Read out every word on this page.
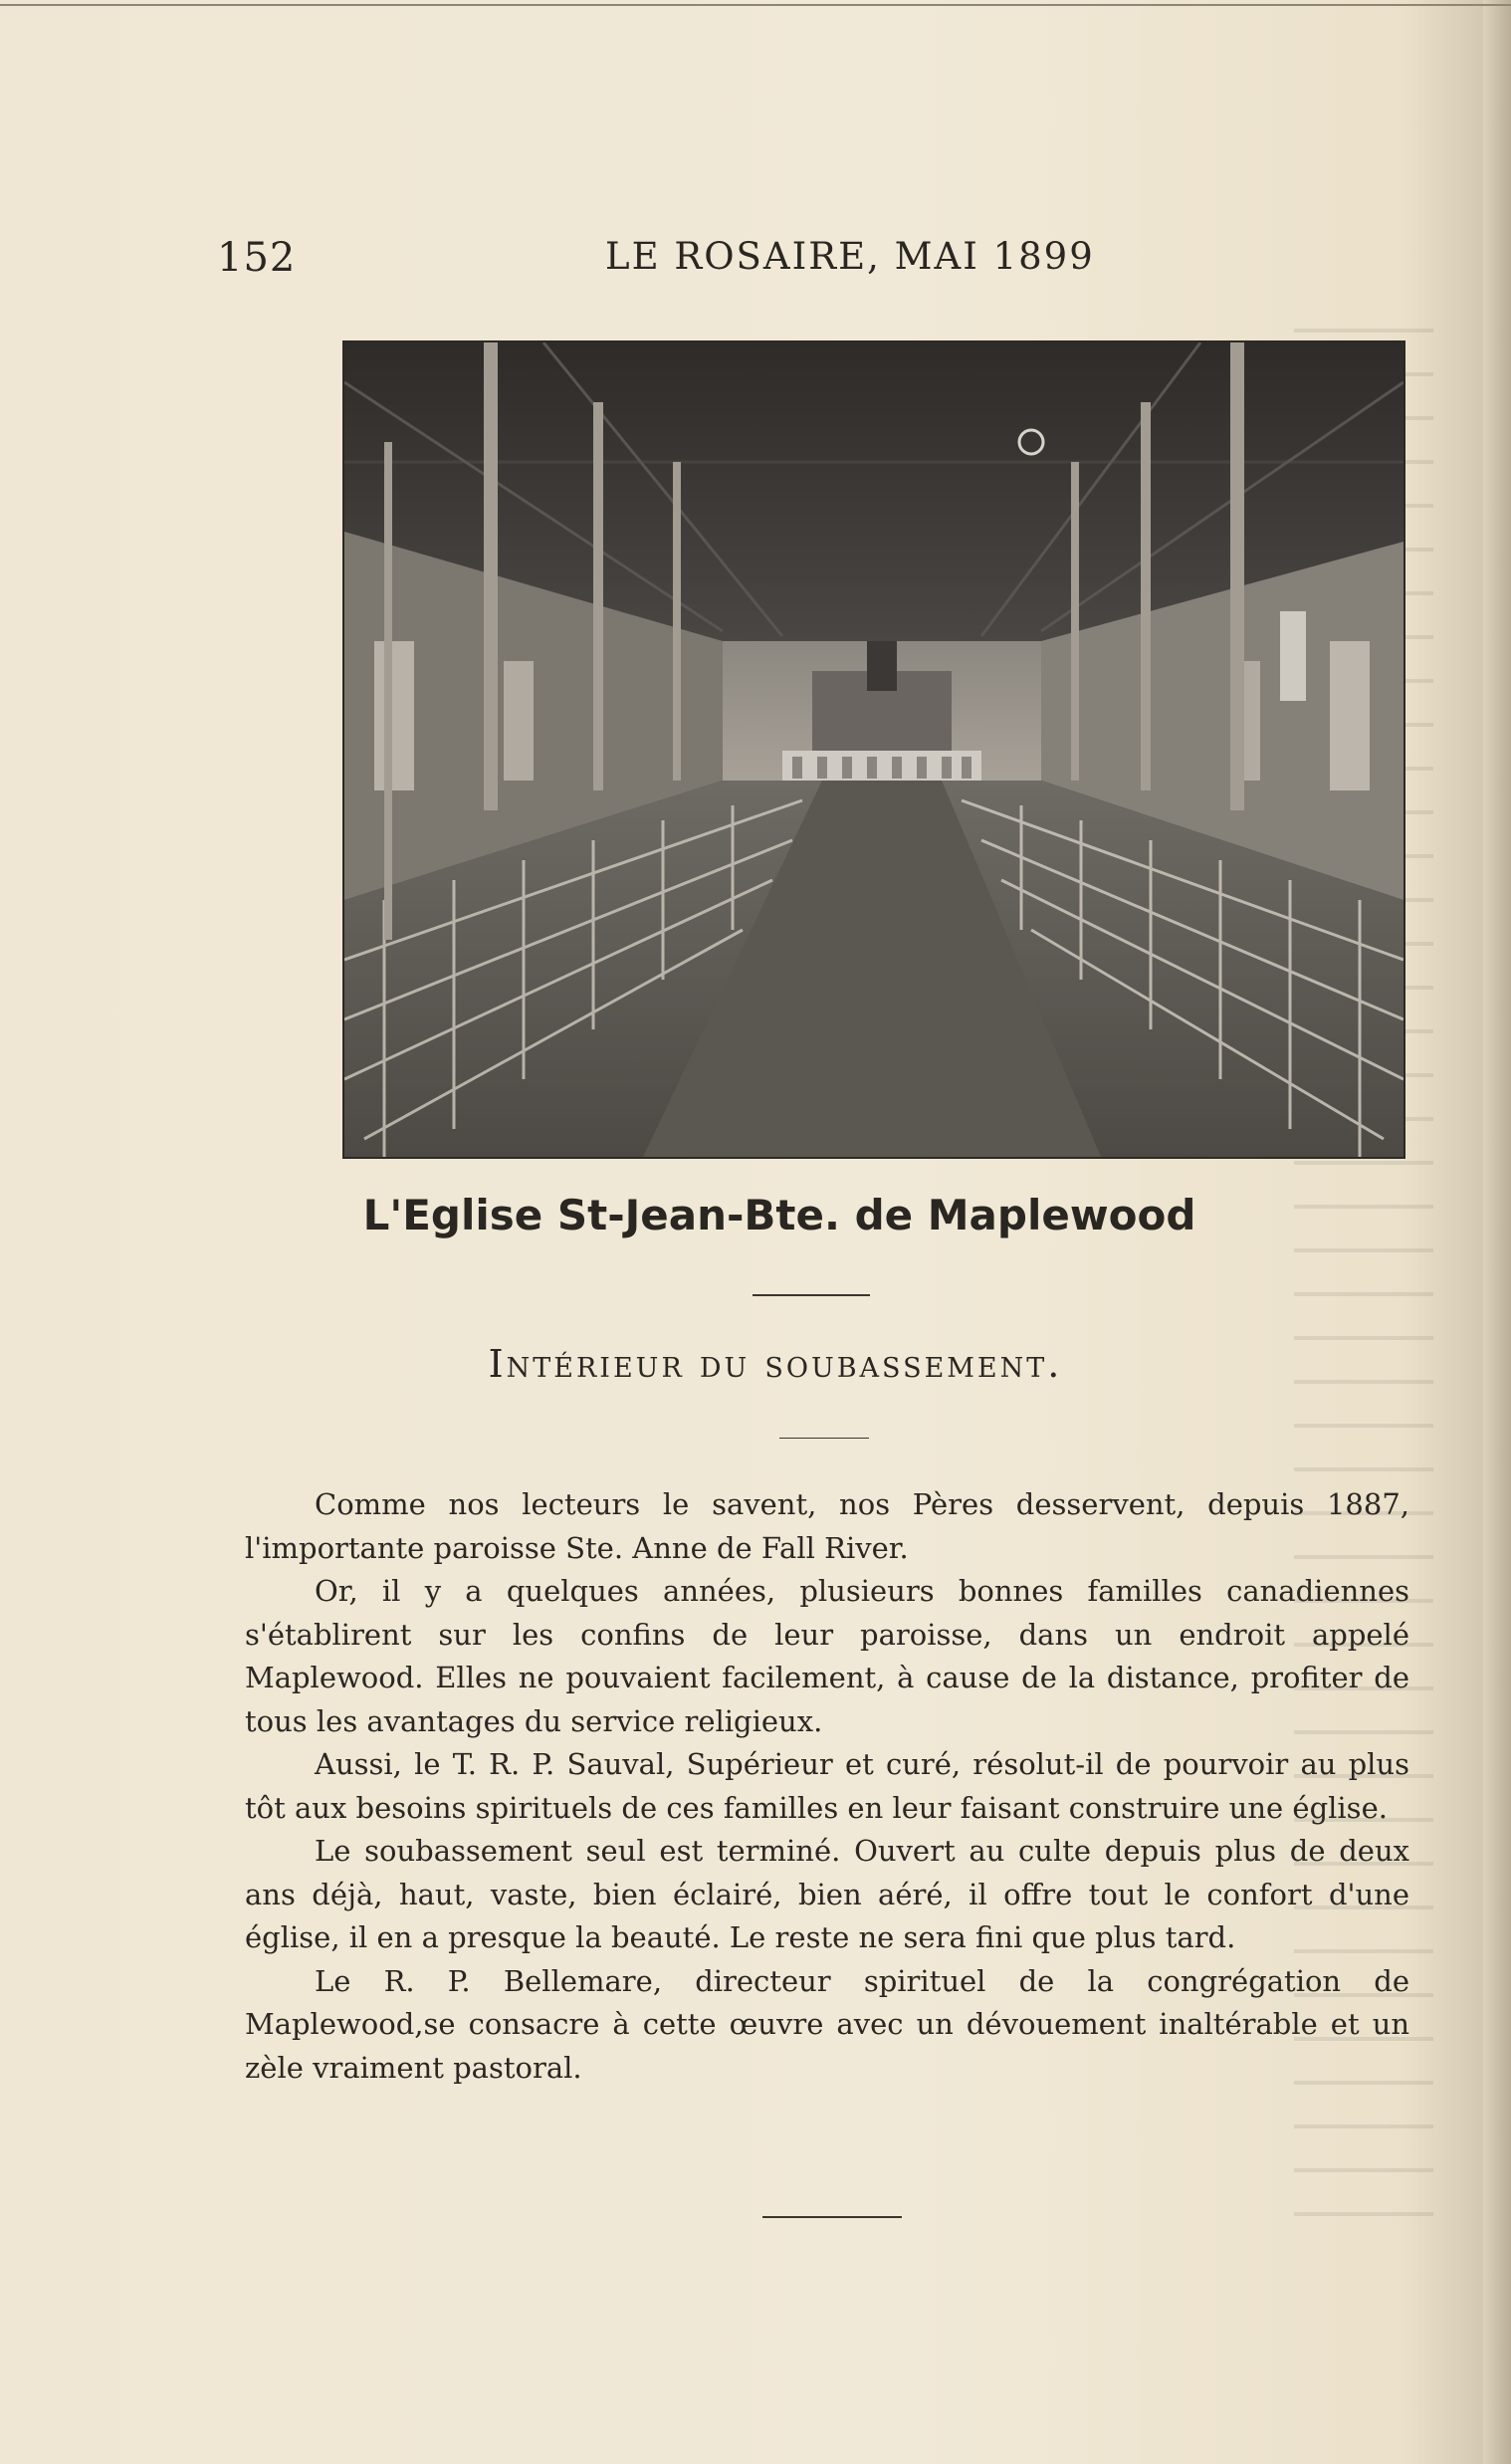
152	LE ROSAIRE, MAI 1899
L'Eglise St-Jean-Bte. de Maplewood
Intérieur du soubassement.

Comme nos lecteurs le savent, nos Pères desservent, depuis 1887, l'importante paroisse Ste. Anne de Fall River.

Or, il y a quelques années, plusieurs bonnes familles canadiennes s'établirent sur les confins de leur paroisse, dans un endroit appelé Maplewood. Elles ne pouvaient facilement, à cause de la distance, profiter de tous les avantages du service religieux.

Aussi, le T. R. P. Sauval, Supérieur et curé, résolut-il de pourvoir au plus tôt aux besoins spirituels de ces familles en leur faisant construire une église.

Le soubassement seul est terminé. Ouvert au culte depuis plus de deux ans déjà, haut, vaste, bien éclairé, bien aéré, il offre tout le confort d'une église, il en a presque la beauté. Le reste ne sera fini que plus tard.

Le R. P. Bellemare, directeur spirituel de la congrégation de Maplewood,se consacre à cette œuvre avec un dévouement inaltérable et un zèle vraiment pastoral.
